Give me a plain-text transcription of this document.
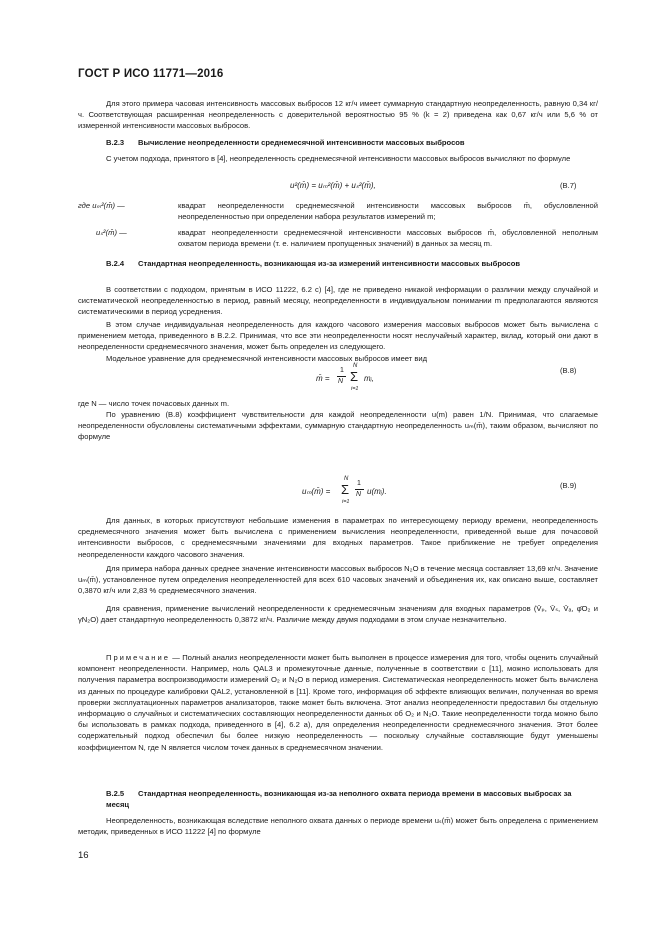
ГОСТ Р ИСО 11771—2016
Для этого примера часовая интенсивность массовых выбросов 12 кг/ч имеет суммарную стандартную неопределенность, равную 0,34 кг/ч. Соответствующая расширенная неопределенность с доверительной вероятностью 95 % (k = 2) приведена как 0,67 кг/ч или 5,6 % от измеренной интенсивности массовых выбросов.
B.2.3 Вычисление неопределенности среднемесячной интенсивности массовых выбросов
С учетом подхода, принятого в [4], неопределенность среднемесячной интенсивности массовых выбросов вычисляют по формуле
u²(m̄) = uₘ²(m̄) + uₛ²(m̄),	(B.7)
где uₘ²(m̄) —	квадрат неопределенности среднемесячной интенсивности массовых выбросов m̄, обусловленной неопределенностью при определении набора результатов измерений m;
uₛ²(m̄) —	квадрат неопределенности среднемесячной интенсивности массовых выбросов m̄, обусловленной неполным охватом периода времени (т. е. наличием пропущенных значений) в данных за месяц m.
B.2.4 Стандартная неопределенность, возникающая из-за измерений интенсивности массовых выбросов
В соответствии с подходом, принятым в ИСО 11222, 6.2 с) [4], где не приведено никакой информации о различии между случайной и систематической неопределенностью в период, равный месяцу, неопределенности в индивидуальном понимании m предполагаются являются систематическими в период усреднения.
В этом случае индивидуальная неопределенность для каждого часового измерения массовых выбросов может быть вычислена с применением метода, приведенного в B.2.2. Принимая, что все эти неопределенности носят неслучайный характер, вклад, который они дают в неопределенности среднемесячного значения, может быть определен из следующего.
Модельное уравнение для среднемесячной интенсивности массовых выбросов имеет вид
m̄ =
1
N
N
Σ
i=1
mᵢ,
(B.8)
где N — число точек почасовых данных m.
По уравнению (B.8) коэффициент чувствительности для каждой неопределенности u(m) равен 1/N. Принимая, что слагаемые неопределенности обусловлены систематичными эффектами, суммарную стандартную неопределенность uₘ(m̄), таким образом, вычисляют по формуле
uₘ(m̄) =
N
Σ
i=1
1
N u(mᵢ).
(B.9)
Для данных, в которых присутствуют небольшие изменения в параметрах по интересующему периоду времени, неопределенность среднемесячного значения может быть вычислена с применением вычисления неопределенности, приведенной выше для почасовой интенсивности выбросов, с среднемесячными значениями для входных параметров. Такое приближение не требует определения неопределенности каждого часового значения.
Для примера набора данных среднее значение интенсивности массовых выбросов N₂O в течение месяца составляет 13,69 кг/ч. Значение uₘ(m̄), установленное путем определения неопределенностей для всех 610 часовых значений и объединения их, как описано выше, составляет 0,3870 кг/ч или 2,83 % среднемесячного значения.
Для сравнения, применение вычислений неопределенности к среднемесячным значениям для входных параметров (V̄ₚ, V̄ₛ, V̄ₐ, φ̄O₂ и γN₂O) дает стандартную неопределенность 0,3872 кг/ч. Различие между двумя подходами в этом случае незначительно.
Примечание — Полный анализ неопределенности может быть выполнен в процессе измерения для того, чтобы оценить случайный компонент неопределенности. Например, ноль QAL3 и промежуточные данные, полученные в соответствии с [11], можно использовать для получения параметра воспроизводимости измерений O₂ и N₂O в период измерения. Систематическая неопределенность может быть вычислена из данных по процедуре калибровки QAL2, установленной в [11]. Кроме того, информация об эффекте влияющих величин, полученная во время проверки эксплуатационных параметров анализаторов, также может быть включена. Этот анализ неопределенности предоставил бы отдельную информацию о случайных и систематических составляющих неопределенности данных об O₂ и N₂O. Такие неопределенности тогда можно было бы использовать в рамках подхода, приведенного в [4], 6.2 а), для определения неопределенности среднемесячного значения. Этот более содержательный подход обеспечил бы более низкую неопределенность — поскольку случайные составляющие будут уменьшены коэффициентом N, где N является числом точек данных в среднемесячном значении.
B.2.5 Стандартная неопределенность, возникающая из-за неполного охвата периода времени в массовых выбросах за месяц
Неопределенность, возникающая вследствие неполного охвата данных о периоде времени uₛ(m̄) может быть определена с применением методик, приведенных в ИСО 11222 [4] по формуле
16
